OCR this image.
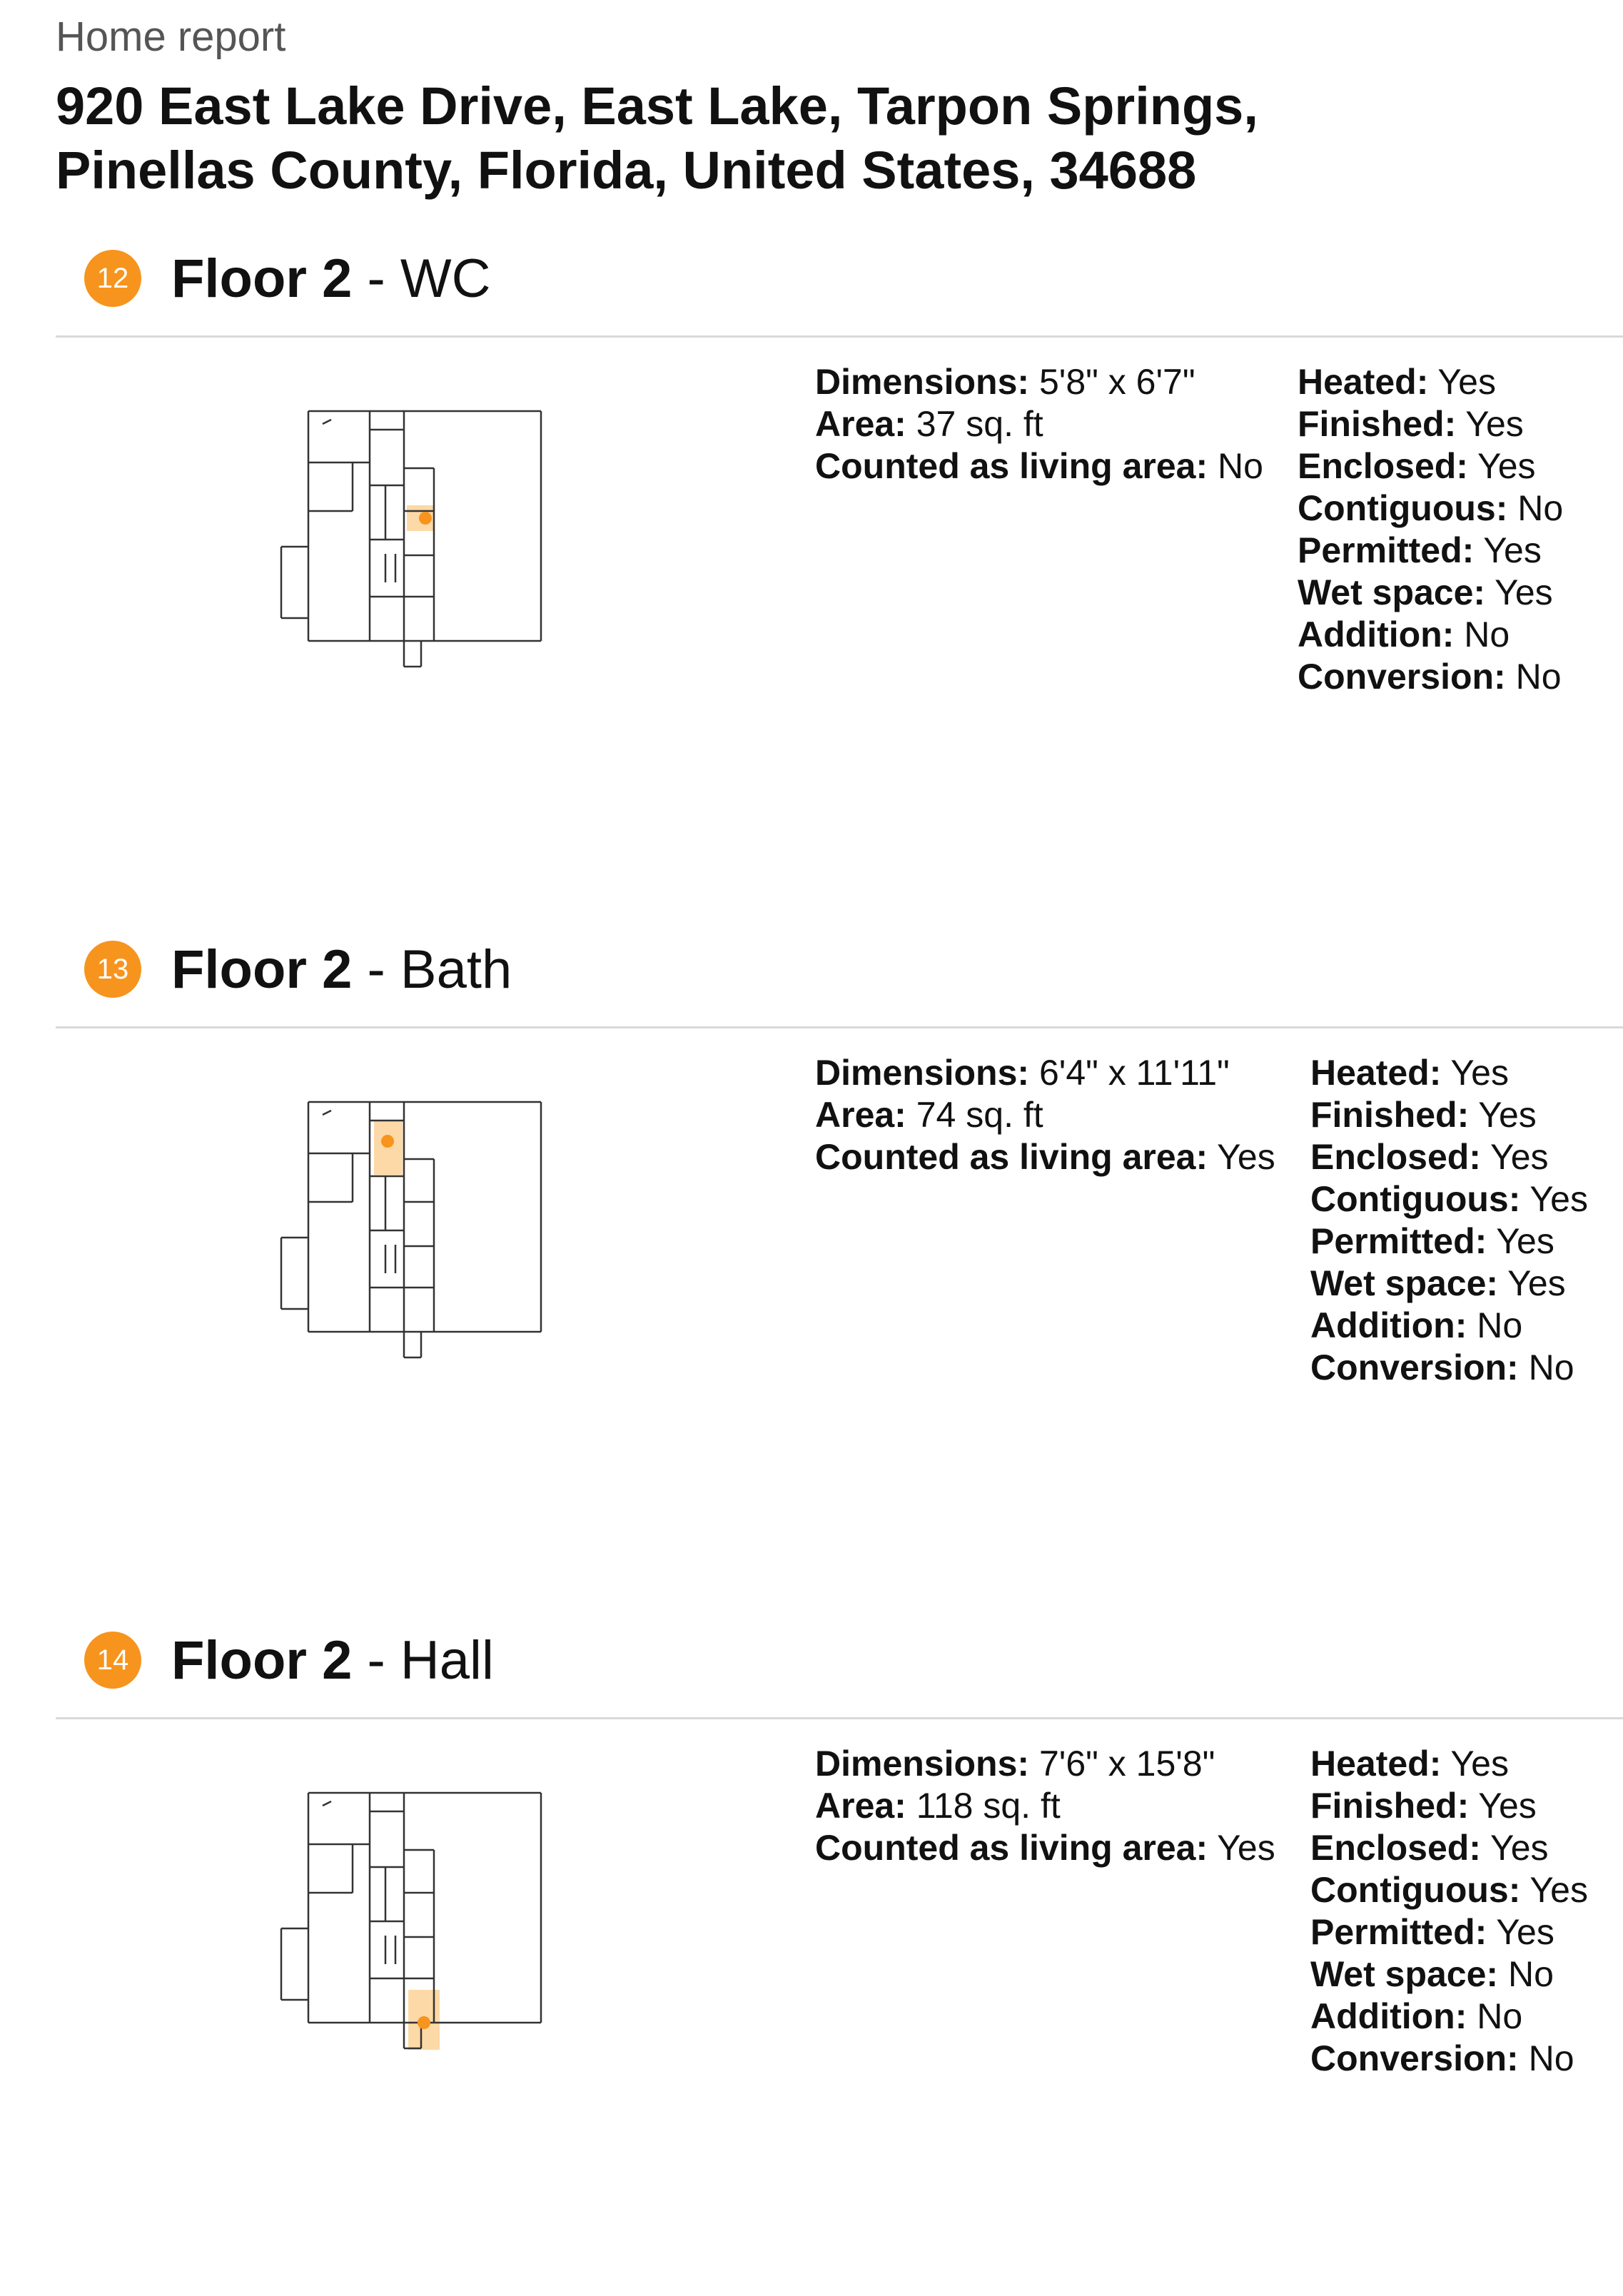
Home report
920 East Lake Drive, East Lake, Tarpon Springs,
Pinellas County, Florida, United States, 34688
12 Floor 2 - WC
Dimensions: 5'8" x 6'7"
Area: 37 sq. ft
Counted as living area: No
Heated: Yes
Finished: Yes
Enclosed: Yes
Contiguous: No
Permitted: Yes
Wet space: Yes
Addition: No
Conversion: No
13 Floor 2 - Bath
Dimensions: 6'4" x 11'11"
Area: 74 sq. ft
Counted as living area: Yes
Heated: Yes
Finished: Yes
Enclosed: Yes
Contiguous: Yes
Permitted: Yes
Wet space: Yes
Addition: No
Conversion: No
14 Floor 2 - Hall
Dimensions: 7'6" x 15'8"
Area: 118 sq. ft
Counted as living area: Yes
Heated: Yes
Finished: Yes
Enclosed: Yes
Contiguous: Yes
Permitted: Yes
Wet space: No
Addition: No
Conversion: No
